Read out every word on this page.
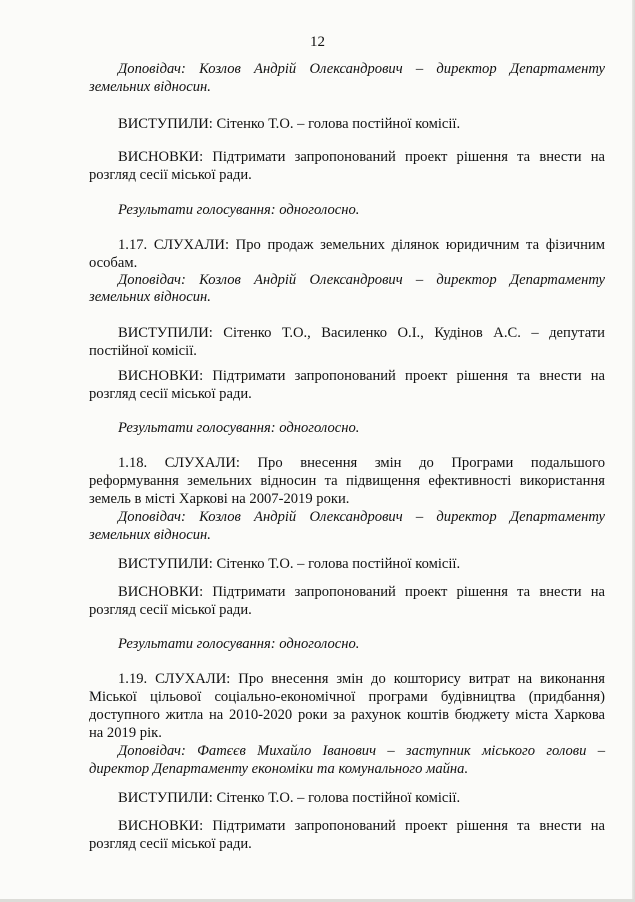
12
Доповідач: Козлов Андрій Олександрович – директор Департаменту
земельних відносин.
ВИСТУПИЛИ: Сітенко Т.О. – голова постійної комісії.
ВИСНОВКИ: Підтримати запропонований проект рішення та внести на
розгляд сесії міської ради.
Результати голосування: одноголосно.
1.17. СЛУХАЛИ: Про продаж земельних ділянок юридичним та фізичним
особам.
Доповідач: Козлов Андрій Олександрович – директор Департаменту
земельних відносин.
ВИСТУПИЛИ: Сітенко Т.О., Василенко О.І., Кудінов А.С. – депутати
постійної комісії.
ВИСНОВКИ: Підтримати запропонований проект рішення та внести на
розгляд сесії міської ради.
Результати голосування: одноголосно.
1.18. СЛУХАЛИ: Про внесення змін до Програми подальшого
реформування земельних відносин та підвищення ефективності використання
земель в місті Харкові на 2007-2019 роки.
Доповідач: Козлов Андрій Олександрович – директор Департаменту
земельних відносин.
ВИСТУПИЛИ: Сітенко Т.О. – голова постійної комісії.
ВИСНОВКИ: Підтримати запропонований проект рішення та внести на
розгляд сесії міської ради.
Результати голосування: одноголосно.
1.19. СЛУХАЛИ: Про внесення змін до кошторису витрат на виконання
Міської цільової соціально-економічної програми будівництва (придбання)
доступного житла на 2010-2020 роки за рахунок коштів бюджету міста Харкова
на 2019 рік.
Доповідач: Фатєєв Михайло Іванович – заступник міського голови –
директор Департаменту економіки та комунального майна.
ВИСТУПИЛИ: Сітенко Т.О. – голова постійної комісії.
ВИСНОВКИ: Підтримати запропонований проект рішення та внести на
розгляд сесії міської ради.
